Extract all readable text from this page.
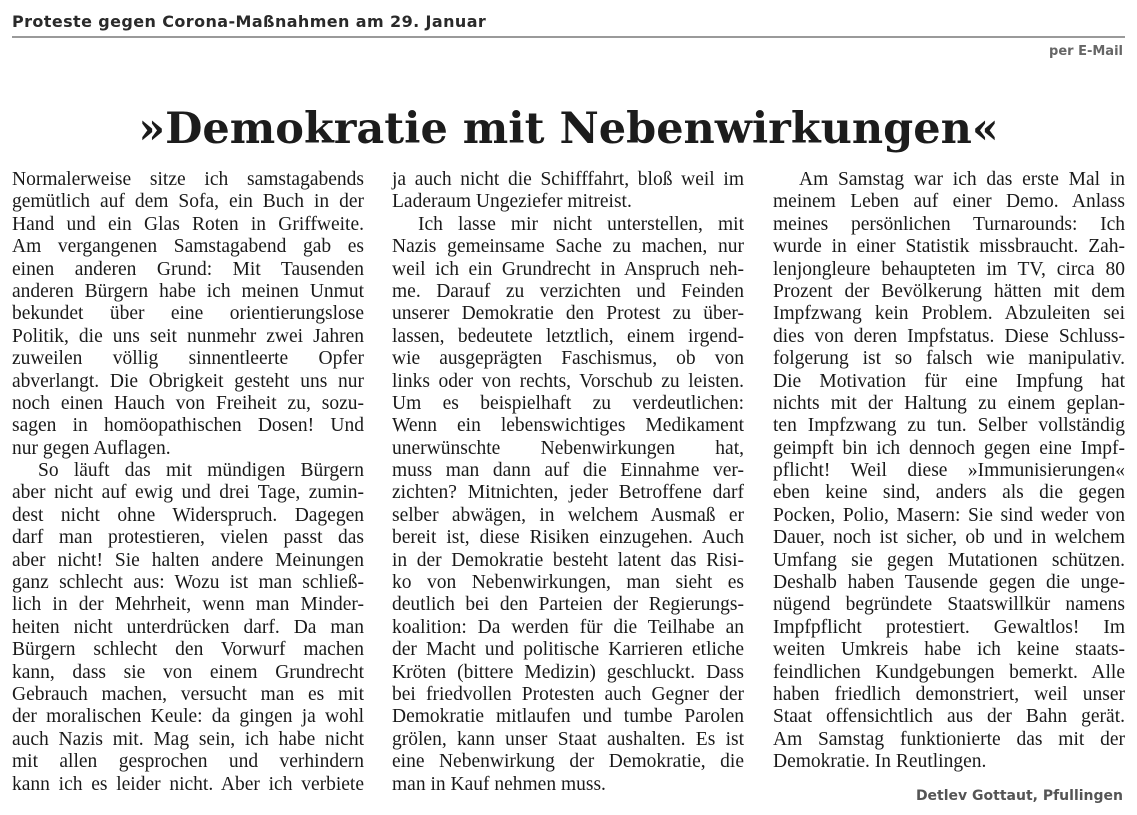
Proteste gegen Corona-Maßnahmen am 29. Januar
per E-Mail
»Demokratie mit Nebenwirkungen«
Normalerweise sitze ich samstagabends
gemütlich auf dem Sofa, ein Buch in der
Hand und ein Glas Roten in Griffweite.
Am vergangenen Samstagabend gab es
einen anderen Grund: Mit Tausenden
anderen Bürgern habe ich meinen Unmut
bekundet über eine orientierungslose
Politik, die uns seit nunmehr zwei Jahren
zuweilen völlig sinnentleerte Opfer
abverlangt. Die Obrigkeit gesteht uns nur
noch einen Hauch von Freiheit zu, sozu-
sagen in homöopathischen Dosen! Und
nur gegen Auflagen.
So läuft das mit mündigen Bürgern
aber nicht auf ewig und drei Tage, zumin-
dest nicht ohne Widerspruch. Dagegen
darf man protestieren, vielen passt das
aber nicht! Sie halten andere Meinungen
ganz schlecht aus: Wozu ist man schließ-
lich in der Mehrheit, wenn man Minder-
heiten nicht unterdrücken darf. Da man
Bürgern schlecht den Vorwurf machen
kann, dass sie von einem Grundrecht
Gebrauch machen, versucht man es mit
der moralischen Keule: da gingen ja wohl
auch Nazis mit. Mag sein, ich habe nicht
mit allen gesprochen und verhindern
kann ich es leider nicht. Aber ich verbiete
ja auch nicht die Schifffahrt, bloß weil im
Laderaum Ungeziefer mitreist.
Ich lasse mir nicht unterstellen, mit
Nazis gemeinsame Sache zu machen, nur
weil ich ein Grundrecht in Anspruch neh-
me. Darauf zu verzichten und Feinden
unserer Demokratie den Protest zu über-
lassen, bedeutete letztlich, einem irgend-
wie ausgeprägten Faschismus, ob von
links oder von rechts, Vorschub zu leisten.
Um es beispielhaft zu verdeutlichen:
Wenn ein lebenswichtiges Medikament
unerwünschte Nebenwirkungen hat,
muss man dann auf die Einnahme ver-
zichten? Mitnichten, jeder Betroffene darf
selber abwägen, in welchem Ausmaß er
bereit ist, diese Risiken einzugehen. Auch
in der Demokratie besteht latent das Risi-
ko von Nebenwirkungen, man sieht es
deutlich bei den Parteien der Regierungs-
koalition: Da werden für die Teilhabe an
der Macht und politische Karrieren etliche
Kröten (bittere Medizin) geschluckt. Dass
bei friedvollen Protesten auch Gegner der
Demokratie mitlaufen und tumbe Parolen
grölen, kann unser Staat aushalten. Es ist
eine Nebenwirkung der Demokratie, die
man in Kauf nehmen muss.
Am Samstag war ich das erste Mal in
meinem Leben auf einer Demo. Anlass
meines persönlichen Turnarounds: Ich
wurde in einer Statistik missbraucht. Zah-
lenjongleure behaupteten im TV, circa 80
Prozent der Bevölkerung hätten mit dem
Impfzwang kein Problem. Abzuleiten sei
dies von deren Impfstatus. Diese Schluss-
folgerung ist so falsch wie manipulativ.
Die Motivation für eine Impfung hat
nichts mit der Haltung zu einem geplan-
ten Impfzwang zu tun. Selber vollständig
geimpft bin ich dennoch gegen eine Impf-
pflicht! Weil diese »Immunisierungen«
eben keine sind, anders als die gegen
Pocken, Polio, Masern: Sie sind weder von
Dauer, noch ist sicher, ob und in welchem
Umfang sie gegen Mutationen schützen.
Deshalb haben Tausende gegen die unge-
nügend begründete Staatswillkür namens
Impfpflicht protestiert. Gewaltlos! Im
weiten Umkreis habe ich keine staats-
feindlichen Kundgebungen bemerkt. Alle
haben friedlich demonstriert, weil unser
Staat offensichtlich aus der Bahn gerät.
Am Samstag funktionierte das mit der
Demokratie. In Reutlingen.
Detlev Gottaut, Pfullingen
